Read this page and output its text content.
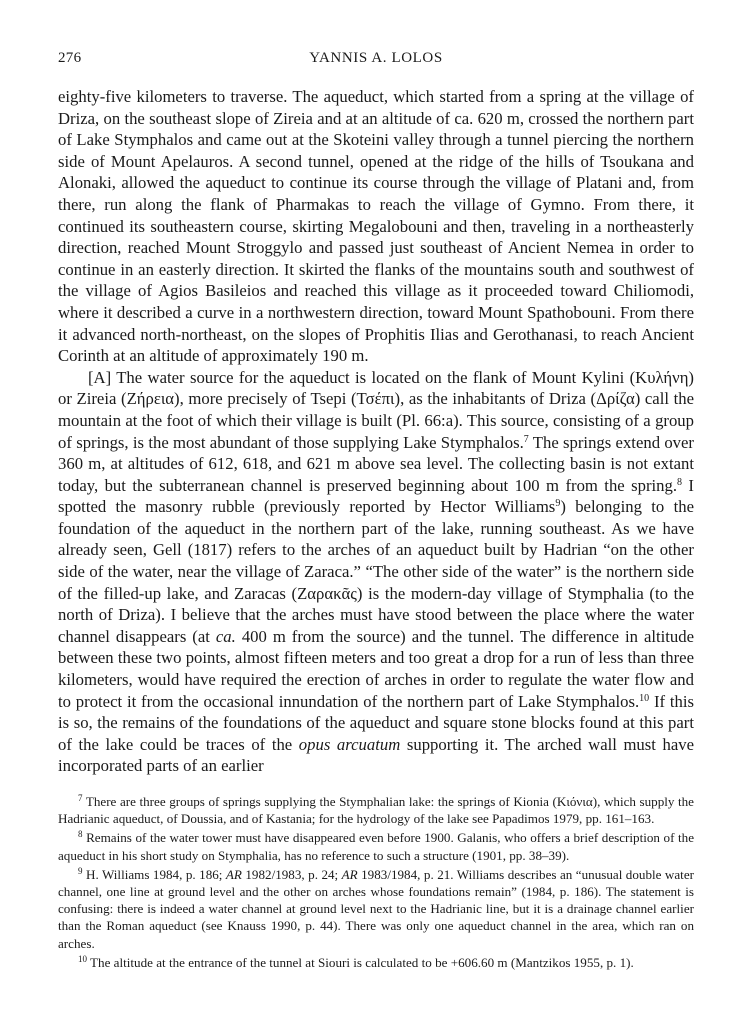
276	YANNIS A. LOLOS

eighty-five kilometers to traverse. The aqueduct, which started from a spring at the village of Driza, on the southeast slope of Zireia and at an altitude of ca. 620 m, crossed the northern part of Lake Stymphalos and came out at the Skoteini valley through a tunnel piercing the northern side of Mount Apelauros. A second tunnel, opened at the ridge of the hills of Tsoukana and Alonaki, allowed the aqueduct to continue its course through the village of Platani and, from there, run along the flank of Pharmakas to reach the village of Gymno. From there, it continued its southeastern course, skirting Megalobouni and then, traveling in a northeasterly direction, reached Mount Stroggylo and passed just southeast of Ancient Nemea in order to continue in an easterly direction. It skirted the flanks of the mountains south and southwest of the village of Agios Basileios and reached this village as it proceeded toward Chiliomodi, where it described a curve in a northwestern direction, toward Mount Spathobouni. From there it advanced north-northeast, on the slopes of Prophitis Ilias and Gerothanasi, to reach Ancient Corinth at an altitude of approximately 190 m.

[A] The water source for the aqueduct is located on the flank of Mount Kylini (Κυλήνη) or Zireia (Ζήρεια), more precisely of Tsepi (Τσέπι), as the inhabitants of Driza (Δρίζα) call the mountain at the foot of which their village is built (Pl. 66:a). This source, consisting of a group of springs, is the most abundant of those supplying Lake Stymphalos.$^7$ The springs extend over 360 m, at altitudes of 612, 618, and 621 m above sea level. The collecting basin is not extant today, but the subterranean channel is preserved beginning about 100 m from the spring.$^8$ I spotted the masonry rubble (previously reported by Hector Williams$^9$) belonging to the foundation of the aqueduct in the northern part of the lake, running southeast. As we have already seen, Gell (1817) refers to the arches of an aqueduct built by Hadrian “on the other side of the water, near the village of Zaraca.” “The other side of the water” is the northern side of the filled-up lake, and Zaracas (Ζαρακᾶς) is the modern-day village of Stymphalia (to the north of Driza). I believe that the arches must have stood between the place where the water channel disappears (at ca. 400 m from the source) and the tunnel. The difference in altitude between these two points, almost fifteen meters and too great a drop for a run of less than three kilometers, would have required the erection of arches in order to regulate the water flow and to protect it from the occasional innundation of the northern part of Lake Stymphalos.$^{10}$ If this is so, the remains of the foundations of the aqueduct and square stone blocks found at this part of the lake could be traces of the opus arcuatum supporting it. The arched wall must have incorporated parts of an earlier

$^7$ There are three groups of springs supplying the Stymphalian lake: the springs of Kionia (Κιόνια), which supply the Hadrianic aqueduct, of Doussia, and of Kastania; for the hydrology of the lake see Papadimos 1979, pp. 161–163.

$^8$ Remains of the water tower must have disappeared even before 1900. Galanis, who offers a brief description of the aqueduct in his short study on Stymphalia, has no reference to such a structure (1901, pp. 38–39).

$^9$ H. Williams 1984, p. 186; AR 1982/1983, p. 24; AR 1983/1984, p. 21. Williams describes an “unusual double water channel, one line at ground level and the other on arches whose foundations remain” (1984, p. 186). The statement is confusing: there is indeed a water channel at ground level next to the Hadrianic line, but it is a drainage channel earlier than the Roman aqueduct (see Knauss 1990, p. 44). There was only one aqueduct channel in the area, which ran on arches.

$^{10}$ The altitude at the entrance of the tunnel at Siouri is calculated to be +606.60 m (Mantzikos 1955, p. 1).
